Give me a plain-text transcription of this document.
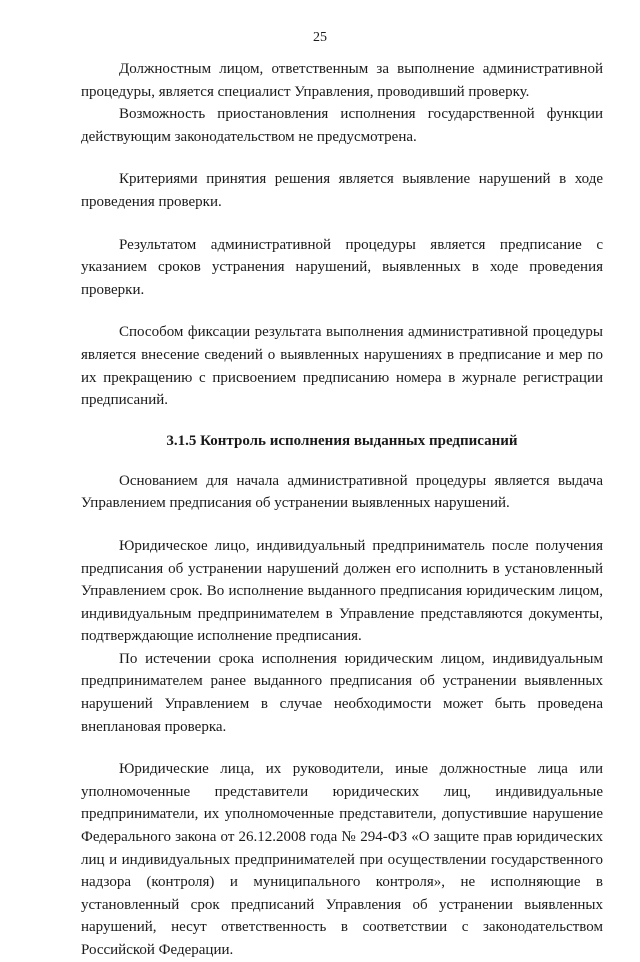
25

Должностным лицом, ответственным за выполнение административной процедуры, является специалист Управления, проводивший проверку.

Возможность приостановления исполнения государственной функции действующим законодательством не предусмотрена.

Критериями принятия решения является выявление нарушений в ходе проведения проверки.

Результатом административной процедуры является предписание с указанием сроков устранения нарушений, выявленных в ходе проведения проверки.

Способом фиксации результата выполнения административной процедуры является внесение сведений о выявленных нарушениях в предписание и мер по их прекращению с присвоением предписанию номера в журнале регистрации предписаний.

3.1.5 Контроль исполнения выданных предписаний

Основанием для начала административной процедуры является выдача Управлением предписания об устранении выявленных нарушений.

Юридическое лицо, индивидуальный предприниматель после получения предписания об устранении нарушений должен его исполнить в установленный Управлением срок. Во исполнение выданного предписания юридическим лицом, индивидуальным предпринимателем в Управление представляются документы, подтверждающие исполнение предписания.

По истечении срока исполнения юридическим лицом, индивидуальным предпринимателем ранее выданного предписания об устранении выявленных нарушений Управлением в случае необходимости может быть проведена внеплановая проверка.

Юридические лица, их руководители, иные должностные лица или уполномоченные представители юридических лиц, индивидуальные предприниматели, их уполномоченные представители, допустившие нарушение Федерального закона от 26.12.2008 года № 294-ФЗ «О защите прав юридических лиц и индивидуальных предпринимателей при осуществлении государственного надзора (контроля) и муниципального контроля», не исполняющие в установленный срок предписаний Управления об устранении выявленных нарушений, несут ответственность в соответствии с законодательством Российской Федерации.
